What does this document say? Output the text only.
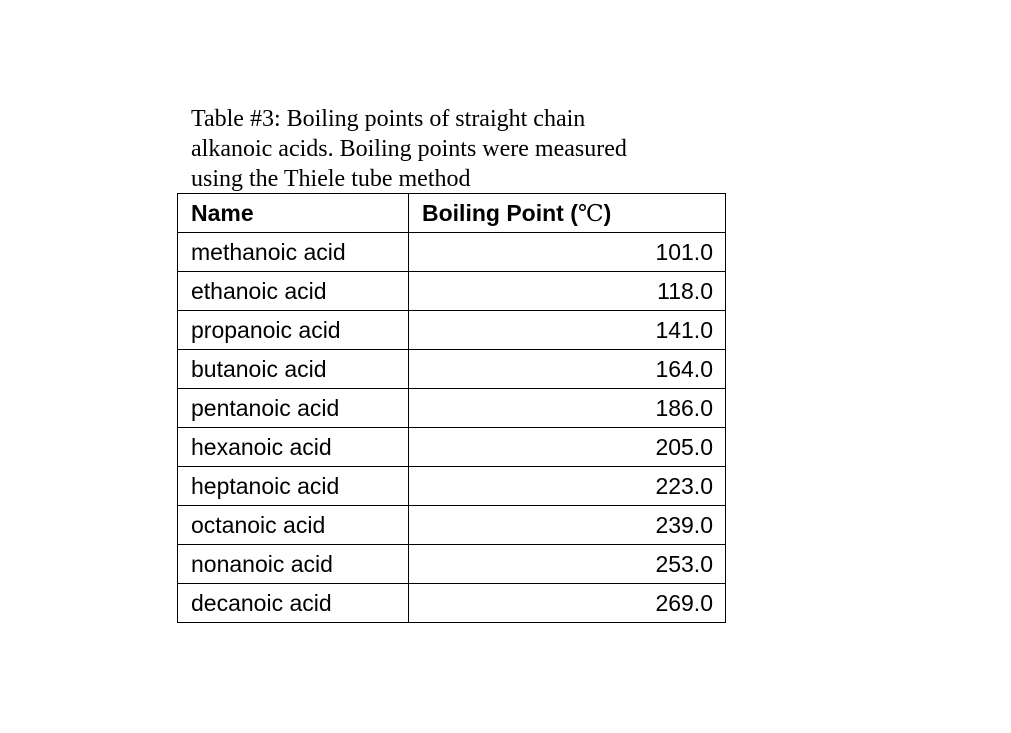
Table #3: Boiling points of straight chain
alkanoic acids. Boiling points were measured
using the Thiele tube method
Name	Boiling Point (℃)
methanoic acid	101.0
ethanoic acid	118.0
propanoic acid	141.0
butanoic acid	164.0
pentanoic acid	186.0
hexanoic acid	205.0
heptanoic acid	223.0
octanoic acid	239.0
nonanoic acid	253.0
decanoic acid	269.0
